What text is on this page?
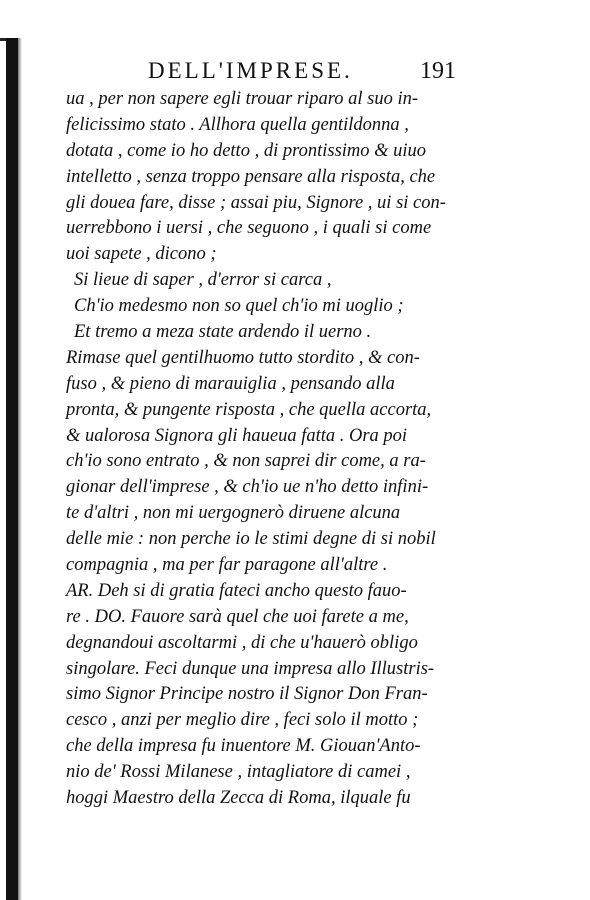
DELL'IMPRESE.	191
ua , per non sapere egli trouar riparo al suo in-
felicissimo stato . Allhora quella gentildonna ,
dotata , come io ho detto , di prontissimo & uiuo
intelletto , senza troppo pensare alla risposta, che
gli doueа fare, disse ; assai piu, Signore , ui si con-
uerrebbono i uersi , che seguono , i quali si come
uoi sapete , dicono ;
Si lieue di saper , d'error si carca ,
Ch'io medesmo non so quel ch'io mi uoglio ;
Et tremo a meza state ardendo il uerno .
Rimase quel gentilhuomo tutto stordito , & con-
fuso , & pieno di marauiglia , pensando alla
pronta, & pungente risposta , che quella accorta,
& ualorosa Signora gli haueua fatta . Ora poi
ch'io sono entrato , & non saprei dir come, a ra-
gionar dell'imprese , & ch'io ue n'ho detto infini-
te d'altri , non mi uergognerò diruene alcuna
delle mie : non perche io le stimi degne di si nobil
compagnia , ma per far paragone all'altre .
AR. Deh si di gratia fateci ancho questo fauo-
re . DO. Fauore sarà quel che uoi farete a me,
degnandoui ascoltarmi , di che u'hauerò obligo
singolare. Feci dunque una impresa allo Illustris-
simo Signor Principe nostro il Signor Don Fran-
cesco , anzi per meglio dire , feci solo il motto ;
che della impresa fu inuentore M. Giouan'Anto-
nio de' Rossi Milanese , intagliatore di camei ,
hoggi Maestro della Zecca di Roma, ilquale fu
